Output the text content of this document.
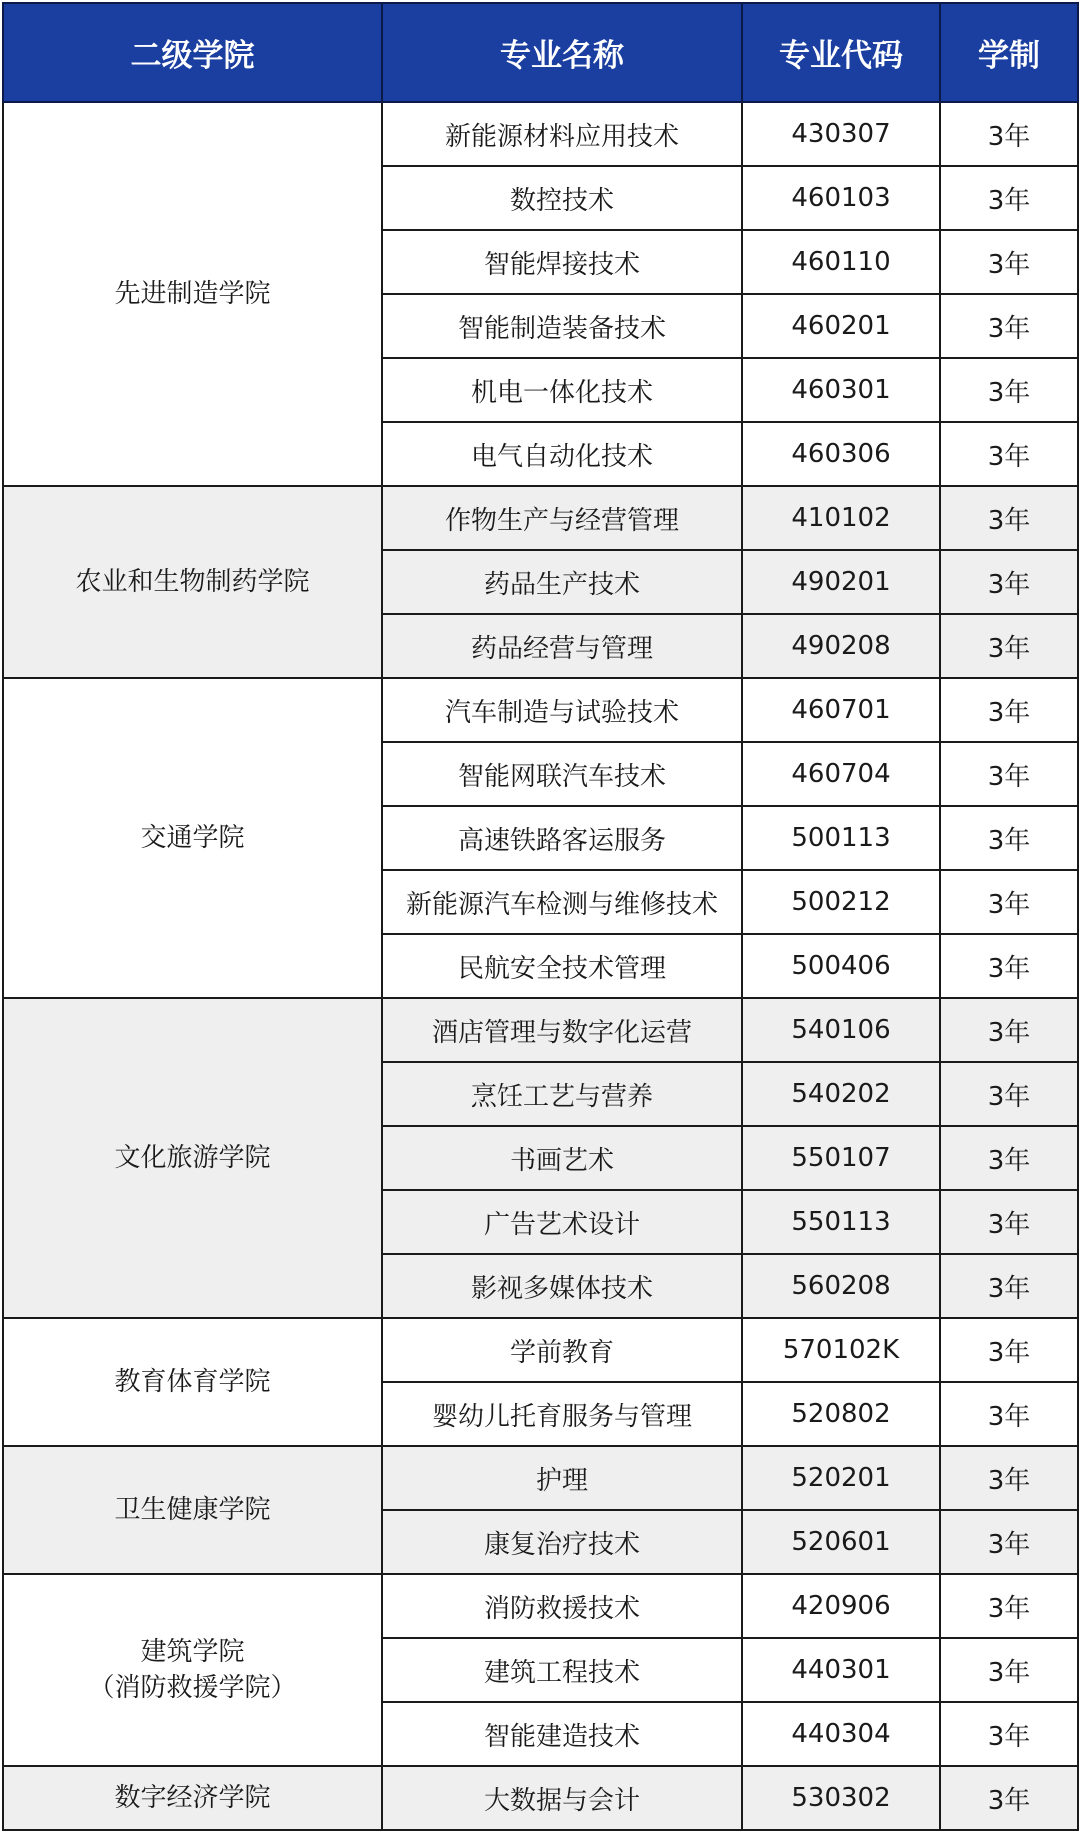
二级学院	专业名称	专业代码	学制

先进制造学院	新能源材料应用技术	430307	3年
	数控技术	460103	3年
	智能焊接技术	460110	3年
	智能制造装备技术	460201	3年
	机电一体化技术	460301	3年
	电气自动化技术	460306	3年

农业和生物制药学院	作物生产与经营管理	410102	3年
	药品生产技术	490201	3年
	药品经营与管理	490208	3年

交通学院	汽车制造与试验技术	460701	3年
	智能网联汽车技术	460704	3年
	高速铁路客运服务	500113	3年
	新能源汽车检测与维修技术	500212	3年
	民航安全技术管理	500406	3年

文化旅游学院	酒店管理与数字化运营	540106	3年
	烹饪工艺与营养	540202	3年
	书画艺术	550107	3年
	广告艺术设计	550113	3年
	影视多媒体技术	560208	3年

教育体育学院	学前教育	570102K	3年
	婴幼儿托育服务与管理	520802	3年

卫生健康学院	护理	520201	3年
	康复治疗技术	520601	3年

建筑学院
（消防救援学院）	消防救援技术	420906	3年
	建筑工程技术	440301	3年
	智能建造技术	440304	3年

数字经济学院	大数据与会计	530302	3年
